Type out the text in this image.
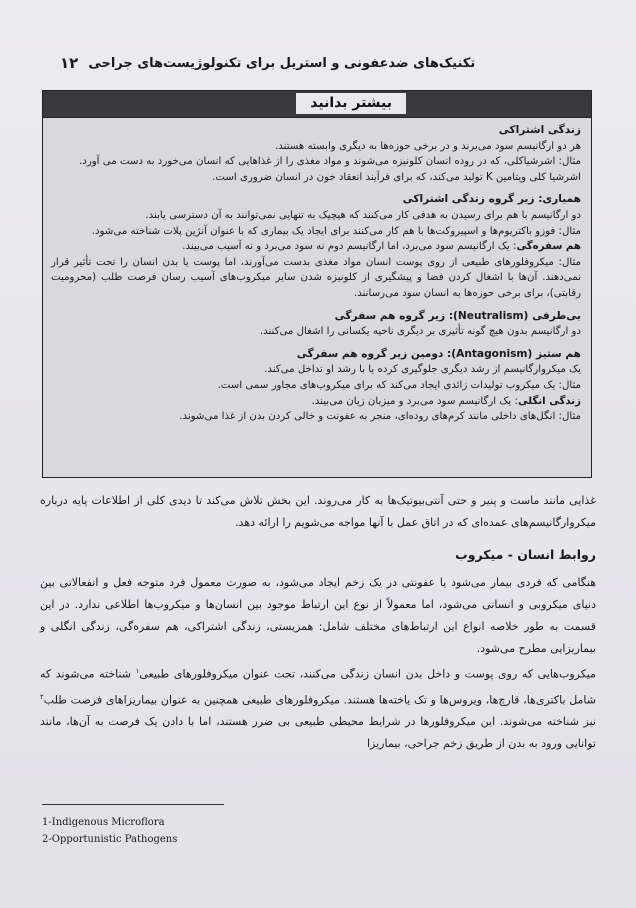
۱۲ تکنیک‌های ضدعفونی و استریل برای تکنولوژیست‌های جراحی
بیشتر بدانید

زندگی اشتراکی

هر دو ارگانیسم سود می‌برند و در برخی حوزه‌ها به دیگری وابسته هستند.

مثال: اشرشیاکلی، که در روده انسان کلونیزه می‌شوند و مواد مغذی را از غذاهایی که انسان می‌خورد به دست می آورد.

اشرشیا کلی ویتامین K تولید می‌کند، که برای فرآیند انعقاد خون در انسان ضروری است.

همیاری: زیر گروه زندگی اشتراکی

دو ارگانیسم با هم برای رسیدن به هدفی کار می‌کنند که هیچیک به تنهایی نمی‌توانند به آن دسترسی یابند.

مثال: فوزو باکتریوم‌ها و اسپیروکت‌ها با هم کار می‌کنند برای ایجاد یک بیماری که با عنوان آنژین پلات شناخته می‌شود.

هم سفره‌گی: یک ارگانیسم سود می‌برد، اما ارگانیسم دوم نه سود می‌برد و نه آسیب می‌بیند.

مثال: میکروفلورهای طبیعی از روی پوست انسان مواد مغذی بدست می‌آورند، اما پوست یا بدن انسان را تحت تأثیر قرار نمی‌دهند. آن‌ها با اشغال کردن فضا و پیشگیری از کلونیزه شدن سایر میکروب‌های آسیب رسان فرصت طلب (محرومیت رقابتی)، برای برخی حوزه‌ها به انسان سود می‌رسانند.

بی‌طرفی (Neutralism): زیر گروه هم سفرگی

دو ارگانیسم بدون هیچ گونه تأثیری بر دیگری ناحیه یکسانی را اشغال می‌کنند.

هم ستیز (Antagonism): دومین زیر گروه هم سفرگی

یک میکروارگانیسم از رشد دیگری جلوگیری کرده یا با رشد او تداخل می‌کند.

مثال: یک میکروب تولیدات زائدی ایجاد می‌کند که برای میکروب‌های مجاور سمی است.

زندگی انگلی: یک ارگانیسم سود می‌برد و میزبان زیان می‌بیند.

مثال: انگل‌های داخلی مانند کرم‌های روده‌ای، منجر به عفونت و خالی کردن بدن از غذا می‌شوند.

غذایی مانند ماست و پنیر و حتی آنتی‌بیوتیک‌ها به کار می‌روند. این بخش تلاش می‌کند تا دیدی کلی از اطلاعات پایه درباره میکروارگانیسم‌های عمده‌ای که در اتاق عمل با آنها مواجه می‌شویم را ارائه دهد.

روابط انسان - میکروب

هنگامی که فردی بیمار می‌شود یا عفونتی در یک زخم ایجاد می‌شود، به صورت معمول فرد متوجه فعل و انفعالاتی بین دنیای میکروبی و انسانی می‌شود، اما معمولاً از نوع این ارتباط موجود بین انسان‌ها و میکروب‌ها اطلاعی ندارد. در این قسمت به طور خلاصه انواع این ارتباط‌های مختلف شامل: همزیستی، زندگی اشتراکی، هم سفره‌گی، زندگی انگلی و بیماریزایی مطرح می‌شود.

میکروب‌هایی که روی پوست و داخل بدن انسان زندگی می‌کنند، تحت عنوان میکروفلورهای طبیعی$^۱$ شناخته می‌شوند که شامل باکتری‌ها، قارچ‌ها، ویروس‌ها و تک یاخته‌ها هستند. میکروفلورهای طبیعی همچنین به عنوان بیماریزاهای فرصت طلب$^۲$ نیز شناخته می‌شوند. این میکروفلورها در شرایط محیطی طبیعی بی ضرر هستند، اما با دادن یک فرصت به آن‌ها، مانند توانایی ورود به بدن از طریق زخم جراحی، بیماریزا

1-Indigenous Microflora
2-Opportunistic Pathogens
